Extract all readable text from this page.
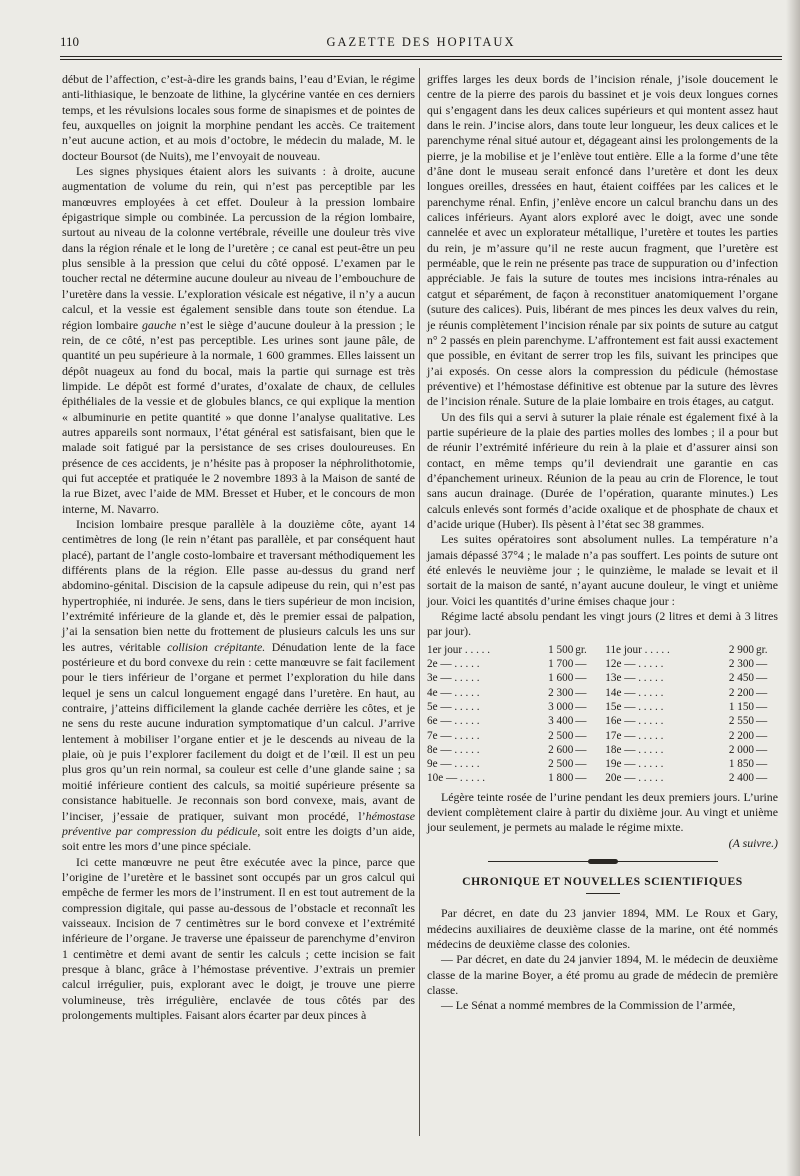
110	GAZETTE DES HOPITAUX

début de l’affection, c’est-à-dire les grands bains, l’eau d’Evian, le régime anti-lithiasique, le benzoate de lithine, la glycérine vantée en ces derniers temps, et les révulsions locales sous forme de sinapismes et de pointes de feu, auxquelles on joignit la morphine pendant les accès. Ce traitement n’eut aucune action, et au mois d’octobre, le médecin du malade, M. le docteur Boursot (de Nuits), me l’envoyait de nouveau.

Les signes physiques étaient alors les suivants : à droite, aucune augmentation de volume du rein, qui n’est pas perceptible par les manœuvres employées à cet effet. Douleur à la pression lombaire épigastrique simple ou combinée. La percussion de la région lombaire, surtout au niveau de la colonne vertébrale, réveille une douleur très vive dans la région rénale et le long de l’uretère ; ce canal est peut-être un peu plus sensible à la pression que celui du côté opposé. L’examen par le toucher rectal ne détermine aucune douleur au niveau de l’embouchure de l’uretère dans la vessie. L’exploration vésicale est négative, il n’y a aucun calcul, et la vessie est également sensible dans toute son étendue. La région lombaire gauche n’est le siège d’aucune douleur à la pression ; le rein, de ce côté, n’est pas perceptible. Les urines sont jaune pâle, de quantité un peu supérieure à la normale, 1 600 grammes. Elles laissent un dépôt nuageux au fond du bocal, mais la partie qui surnage est très limpide. Le dépôt est formé d’urates, d’oxalate de chaux, de cellules épithéliales de la vessie et de globules blancs, ce qui explique la mention « albuminurie en petite quantité » que donne l’analyse qualitative. Les autres appareils sont normaux, l’état général est satisfaisant, bien que le malade soit fatigué par la persistance de ses crises douloureuses. En présence de ces accidents, je n’hésite pas à proposer la néphrolithotomie, qui fut acceptée et pratiquée le 2 novembre 1893 à la Maison de santé de la rue Bizet, avec l’aide de MM. Bresset et Huber, et le concours de mon interne, M. Navarro.

Incision lombaire presque parallèle à la douzième côte, ayant 14 centimètres de long (le rein n’étant pas parallèle, et par conséquent haut placé), partant de l’angle costo-lombaire et traversant méthodiquement les différents plans de la région. Elle passe au-dessus du grand nerf abdomino-génital. Discision de la capsule adipeuse du rein, qui n’est pas hypertrophiée, ni indurée. Je sens, dans le tiers supérieur de mon incision, l’extrémité inférieure de la glande et, dès le premier essai de palpation, j’ai la sensation bien nette du frottement de plusieurs calculs les uns sur les autres, véritable collision crépitante. Dénudation lente de la face postérieure et du bord convexe du rein : cette manœuvre se fait facilement pour le tiers inférieur de l’organe et permet l’exploration du hile dans lequel je sens un calcul longuement engagé dans l’uretère. En haut, au contraire, j’atteins difficilement la glande cachée derrière les côtes, et je ne sens du reste aucune induration symptomatique d’un calcul. J’arrive lentement à mobiliser l’organe entier et je le descends au niveau de la plaie, où je puis l’explorer facilement du doigt et de l’œil. Il est un peu plus gros qu’un rein normal, sa couleur est celle d’une glande saine ; sa moitié inférieure contient des calculs, sa moitié supérieure présente sa consistance habituelle. Je reconnais son bord convexe, mais, avant de l’inciser, j’essaie de pratiquer, suivant mon procédé, l’hémostase préventive par compression du pédicule, soit entre les doigts d’un aide, soit entre les mors d’une pince spéciale.

Ici cette manœuvre ne peut être exécutée avec la pince, parce que l’origine de l’uretère et le bassinet sont occupés par un gros calcul qui empêche de fermer les mors de l’instrument. Il en est tout autrement de la compression digitale, qui passe au-dessous de l’obstacle et reconnaît les vaisseaux. Incision de 7 centimètres sur le bord convexe et l’extrémité inférieure de l’organe. Je traverse une épaisseur de parenchyme d’environ 1 centimètre et demi avant de sentir les calculs ; cette incision se fait presque à blanc, grâce à l’hémostase préventive. J’extrais un premier calcul irrégulier, puis, explorant avec le doigt, je trouve une pierre volumineuse, très irrégulière, enclavée de tous côtés par des prolongements multiples. Faisant alors écarter par deux pinces à

griffes larges les deux bords de l’incision rénale, j’isole doucement le centre de la pierre des parois du bassinet et je vois deux longues cornes qui s’engagent dans les deux calices supérieurs et qui montent assez haut dans le rein. J’incise alors, dans toute leur longueur, les deux calices et le parenchyme rénal situé autour et, dégageant ainsi les prolongements de la pierre, je la mobilise et je l’enlève tout entière. Elle a la forme d’une tête d’âne dont le museau serait enfoncé dans l’uretère et dont les deux longues oreilles, dressées en haut, étaient coiffées par les calices et le parenchyme rénal. Enfin, j’enlève encore un calcul branchu dans un des calices inférieurs. Ayant alors exploré avec le doigt, avec une sonde cannelée et avec un explorateur métallique, l’uretère et toutes les parties du rein, je m’assure qu’il ne reste aucun fragment, que l’uretère est perméable, que le rein ne présente pas trace de suppuration ou d’infection appréciable. Je fais la suture de toutes mes incisions intra-rénales au catgut et séparément, de façon à reconstituer anatomiquement l’organe (suture des calices). Puis, libérant de mes pinces les deux valves du rein, je réunis complètement l’incision rénale par six points de suture au catgut n° 2 passés en plein parenchyme. L’affrontement est fait aussi exactement que possible, en évitant de serrer trop les fils, suivant les principes que j’ai exposés. On cesse alors la compression du pédicule (hémostase préventive) et l’hémostase définitive est obtenue par la suture des lèvres de l’incision rénale. Suture de la plaie lombaire en trois étages, au catgut.

Un des fils qui a servi à suturer la plaie rénale est également fixé à la partie supérieure de la plaie des parties molles des lombes ; il a pour but de réunir l’extrémité inférieure du rein à la plaie et d’assurer ainsi son contact, en même temps qu’il deviendrait une garantie en cas d’épanchement urineux. Réunion de la peau au crin de Florence, le tout sans aucun drainage. (Durée de l’opération, quarante minutes.) Les calculs enlevés sont formés d’acide oxalique et de phosphate de chaux et d’acide urique (Huber). Ils pèsent à l’état sec 38 grammes.

Les suites opératoires sont absolument nulles. La température n’a jamais dépassé 37°4 ; le malade n’a pas souffert. Les points de suture ont été enlevés le neuvième jour ; le quinzième, le malade se levait et il sortait de la maison de santé, n’ayant aucune douleur, le vingt et unième jour. Voici les quantités d’urine émises chaque jour :

Régime lacté absolu pendant les vingt jours (2 litres et demi à 3 litres par jour).

1er jour . . . . .	1 500	gr.		11e jour . . . . .	2 900	gr.
2e — . . . . .	1 700	—		12e — . . . . .	2 300	—
3e — . . . . .	1 600	—		13e — . . . . .	2 450	—
4e — . . . . .	2 300	—		14e — . . . . .	2 200	—
5e — . . . . .	3 000	—		15e — . . . . .	1 150	—
6e — . . . . .	3 400	—		16e — . . . . .	2 550	—
7e — . . . . .	2 500	—		17e — . . . . .	2 200	—
8e — . . . . .	2 600	—		18e — . . . . .	2 000	—
9e — . . . . .	2 500	—		19e — . . . . .	1 850	—
10e — . . . . .	1 800	—		20e — . . . . .	2 400	—

Légère teinte rosée de l’urine pendant les deux premiers jours. L’urine devient complètement claire à partir du dixième jour. Au vingt et unième jour seulement, je permets au malade le régime mixte.

(A suivre.)
CHRONIQUE ET NOUVELLES SCIENTIFIQUES

Par décret, en date du 23 janvier 1894, MM. Le Roux et Gary, médecins auxiliaires de deuxième classe de la marine, ont été nommés médecins de deuxième classe des colonies.

— Par décret, en date du 24 janvier 1894, M. le médecin de deuxième classe de la marine Boyer, a été promu au grade de médecin de première classe.

— Le Sénat a nommé membres de la Commission de l’armée,
